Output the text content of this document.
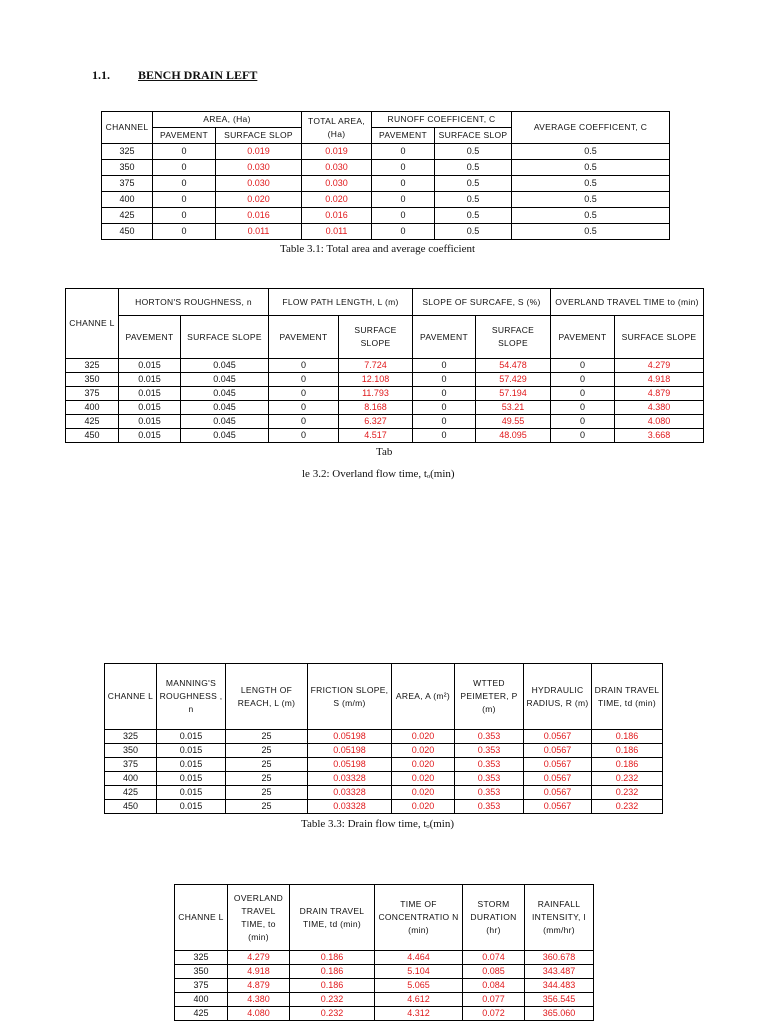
1.1. BENCH DRAIN LEFT
CHANNEL	AREA, (Ha)		TOTAL AREA, (Ha)	RUNOFF COEFFICENT, C		AVERAGE COEFFICENT, C
	PAVEMENT	SURFACE SLOP		PAVEMENT	SURFACE SLOP	
325	0	0.019	0.019	0	0.5	0.5
350	0	0.030	0.030	0	0.5	0.5
375	0	0.030	0.030	0	0.5	0.5
400	0	0.020	0.020	0	0.5	0.5
425	0	0.016	0.016	0	0.5	0.5
450	0	0.011	0.011	0	0.5	0.5
Table 3.1: Total area and average coefficient
CHANNE L	HORTON'S ROUGHNESS, n		FLOW PATH LENGTH, L (m)		SLOPE OF SURCAFE, S (%)		OVERLAND TRAVEL TIME to (min)	
	PAVEMENT	SURFACE SLOPE	PAVEMENT	SURFACE SLOPE	PAVEMENT	SURFACE SLOPE	PAVEMENT	SURFACE SLOPE
325	0.015	0.045	0	7.724	0	54.478	0	4.279
350	0.015	0.045	0	12.108	0	57.429	0	4.918
375	0.015	0.045	0	11.793	0	57.194	0	4.879
400	0.015	0.045	0	8.168	0	53.21	0	4.380
425	0.015	0.045	0	6.327	0	49.55	0	4.080
450	0.015	0.045	0	4.517	0	48.095	0	3.668
Tab
le 3.2: Overland flow time, tₒ(min)
CHANNE L	MANNING'S ROUGHNESS , n	LENGTH OF REACH, L (m)	FRICTION SLOPE, S (m/m)	AREA, A (m²)	WTTED PEIMETER, P (m)	HYDRAULIC RADIUS, R (m)	DRAIN TRAVEL TIME, td (min)
325	0.015	25	0.05198	0.020	0.353	0.0567	0.186
350	0.015	25	0.05198	0.020	0.353	0.0567	0.186
375	0.015	25	0.05198	0.020	0.353	0.0567	0.186
400	0.015	25	0.03328	0.020	0.353	0.0567	0.232
425	0.015	25	0.03328	0.020	0.353	0.0567	0.232
450	0.015	25	0.03328	0.020	0.353	0.0567	0.232
Table 3.3: Drain flow time, tₒ(min)
CHANNE L	OVERLAND TRAVEL TIME, to (min)	DRAIN TRAVEL TIME, td (min)	TIME OF CONCENTRATIO N (min)	STORM DURATION (hr)	RAINFALL INTENSITY, I (mm/hr)
325	4.279	0.186	4.464	0.074	360.678
350	4.918	0.186	5.104	0.085	343.487
375	4.879	0.186	5.065	0.084	344.483
400	4.380	0.232	4.612	0.077	356.545
425	4.080	0.232	4.312	0.072	365.060
